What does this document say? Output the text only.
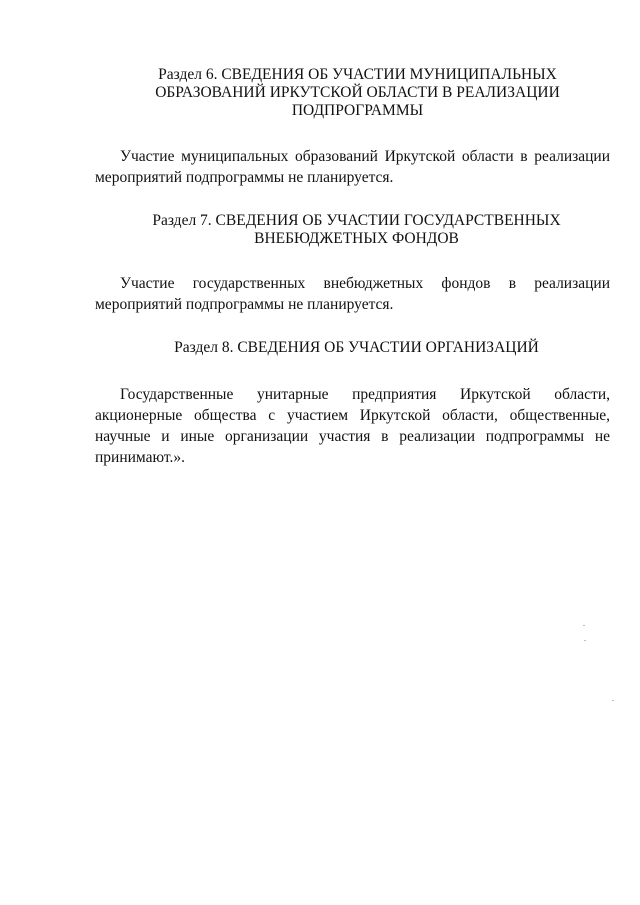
Раздел 6. СВЕДЕНИЯ ОБ УЧАСТИИ МУНИЦИПАЛЬНЫХ
ОБРАЗОВАНИЙ ИРКУТСКОЙ ОБЛАСТИ В РЕАЛИЗАЦИИ
ПОДПРОГРАММЫ

Участие муниципальных образований Иркутской области в реализации мероприятий подпрограммы не планируется.

Раздел 7. СВЕДЕНИЯ ОБ УЧАСТИИ ГОСУДАРСТВЕННЫХ
ВНЕБЮДЖЕТНЫХ ФОНДОВ

Участие государственных внебюджетных фондов в реализации мероприятий подпрограммы не планируется.

Раздел 8. СВЕДЕНИЯ ОБ УЧАСТИИ ОРГАНИЗАЦИЙ

Государственные унитарные предприятия Иркутской области, акционерные общества с участием Иркутской области, общественные, научные и иные организации участия в реализации подпрограммы не принимают.».
